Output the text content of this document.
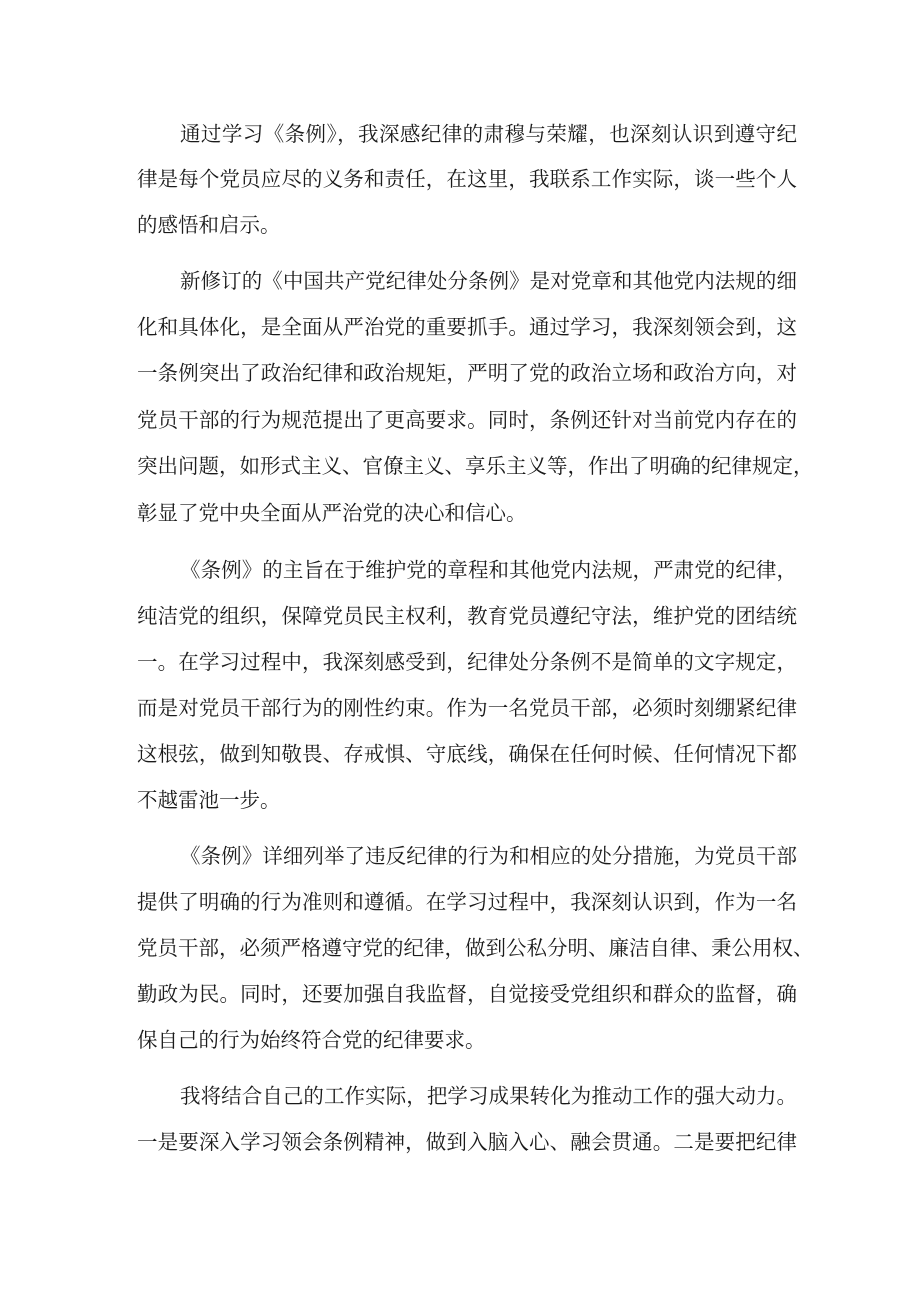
通过学习《条例》，我深感纪律的肃穆与荣耀，也深刻认识到遵守纪
律是每个党员应尽的义务和责任，在这里，我联系工作实际，谈一些个人
的感悟和启示。
新修订的《中国共产党纪律处分条例》是对党章和其他党内法规的细
化和具体化，是全面从严治党的重要抓手。通过学习，我深刻领会到，这
一条例突出了政治纪律和政治规矩，严明了党的政治立场和政治方向，对
党员干部的行为规范提出了更高要求。同时，条例还针对当前党内存在的
突出问题，如形式主义、官僚主义、享乐主义等，作出了明确的纪律规定，
彰显了党中央全面从严治党的决心和信心。
《条例》的主旨在于维护党的章程和其他党内法规，严肃党的纪律，
纯洁党的组织，保障党员民主权利，教育党员遵纪守法，维护党的团结统
一。在学习过程中，我深刻感受到，纪律处分条例不是简单的文字规定，
而是对党员干部行为的刚性约束。作为一名党员干部，必须时刻绷紧纪律
这根弦，做到知敬畏、存戒惧、守底线，确保在任何时候、任何情况下都
不越雷池一步。
《条例》详细列举了违反纪律的行为和相应的处分措施，为党员干部
提供了明确的行为准则和遵循。在学习过程中，我深刻认识到，作为一名
党员干部，必须严格遵守党的纪律，做到公私分明、廉洁自律、秉公用权、
勤政为民。同时，还要加强自我监督，自觉接受党组织和群众的监督，确
保自己的行为始终符合党的纪律要求。
我将结合自己的工作实际，把学习成果转化为推动工作的强大动力。
一是要深入学习领会条例精神，做到入脑入心、融会贯通。二是要把纪律
